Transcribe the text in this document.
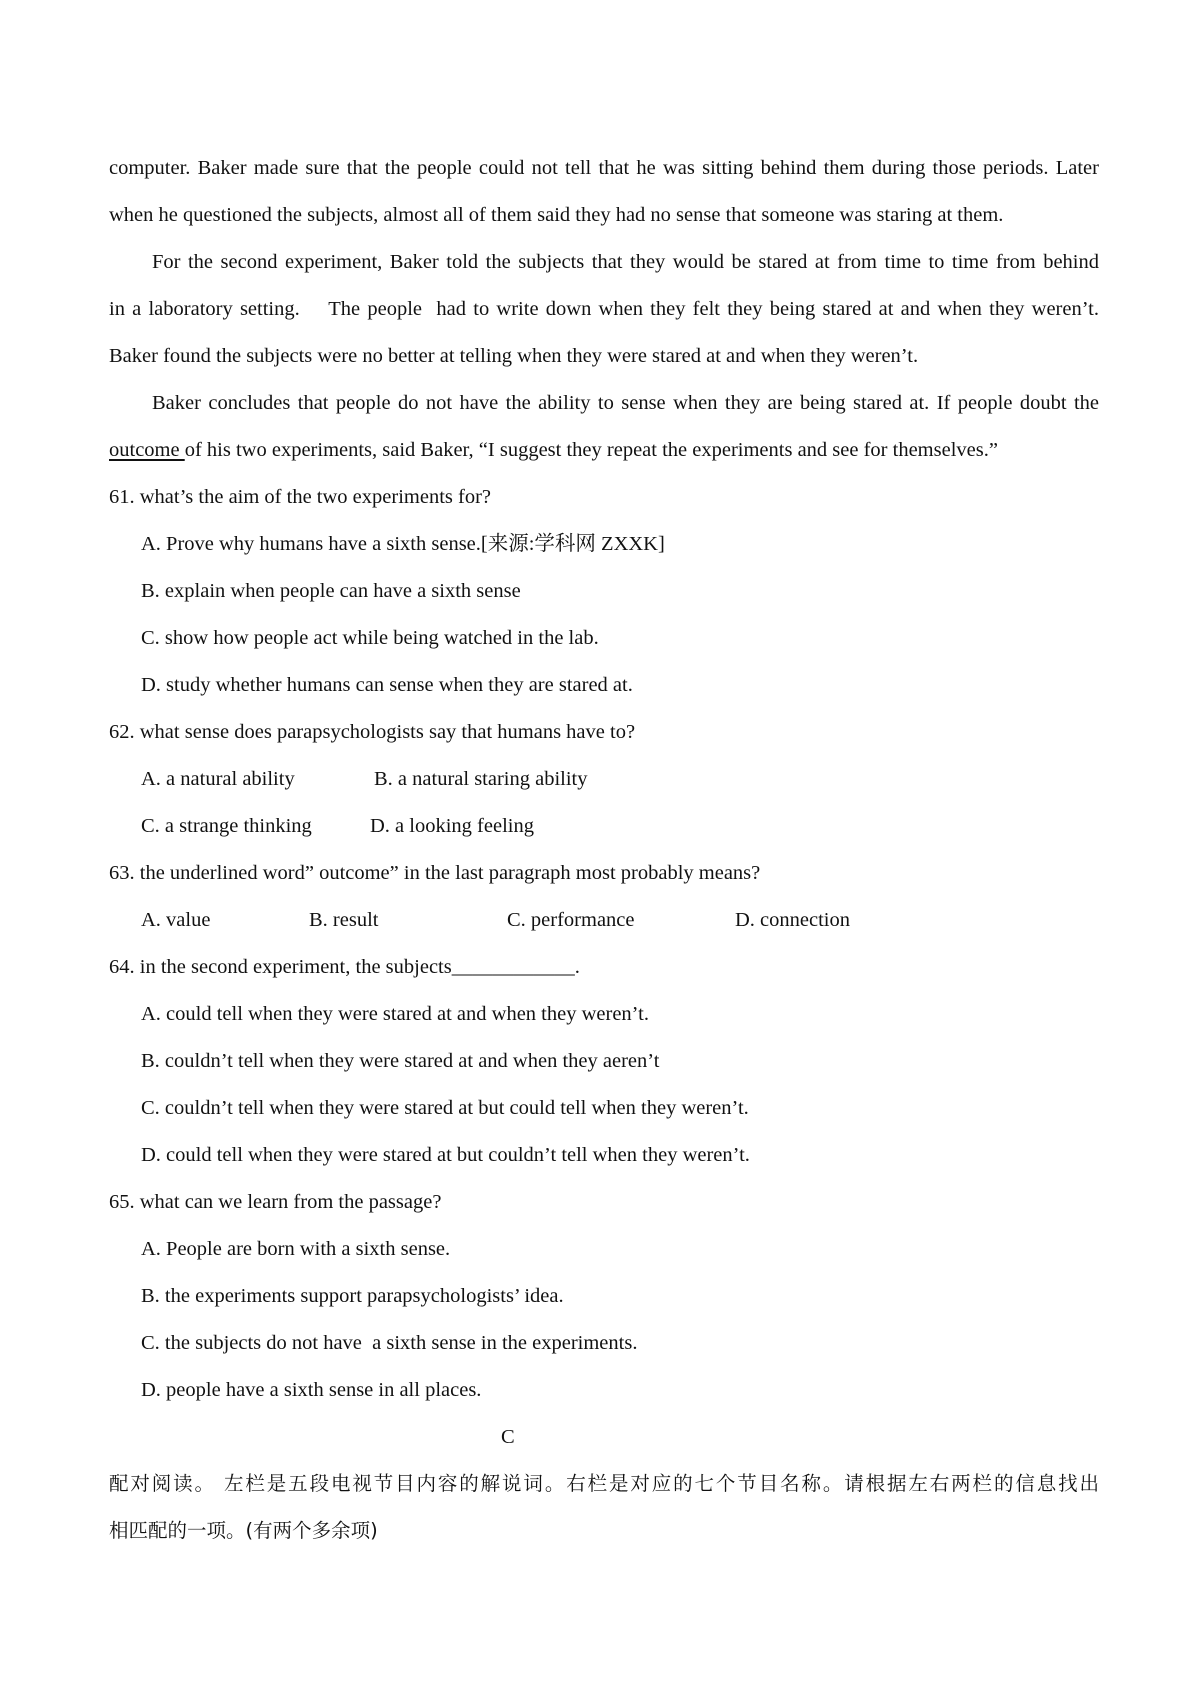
computer. Baker made sure that the people could not tell that he was sitting behind them during those periods. Later
when he questioned the subjects, almost all of them said they had no sense that someone was staring at them.
For the second experiment, Baker told the subjects that they would be stared at from time to time from behind
in a laboratory setting.    The people  had to write down when they felt they being stared at and when they weren’t.
Baker found the subjects were no better at telling when they were stared at and when they weren’t.
Baker concludes that people do not have the ability to sense when they are being stared at. If people doubt the
outcome of his two experiments, said Baker, “I suggest they repeat the experiments and see for themselves.”
61. what’s the aim of the two experiments for?
A. Prove why humans have a sixth sense.[来源:学科网 ZXXK]
B. explain when people can have a sixth sense
C. show how people act while being watched in the lab.
D. study whether humans can sense when they are stared at.
62. what sense does parapsychologists say that humans have to?
A. a natural ability	B. a natural staring ability
C. a strange thinking	D. a looking feeling
63. the underlined word” outcome” in the last paragraph most probably means?
A. value	B. result	C. performance	D. connection
64. in the second experiment, the subjects____________.
A. could tell when they were stared at and when they weren’t.
B. couldn’t tell when they were stared at and when they aeren’t
C. couldn’t tell when they were stared at but could tell when they weren’t.
D. could tell when they were stared at but couldn’t tell when they weren’t.
65. what can we learn from the passage?
A. People are born with a sixth sense.
B. the experiments support parapsychologists’ idea.
C. the subjects do not have  a sixth sense in the experiments.
D. people have a sixth sense in all places.
C
配对阅读。 左栏是五段电视节目内容的解说词。右栏是对应的七个节目名称。请根据左右两栏的信息找出
相匹配的一项。(有两个多余项)
